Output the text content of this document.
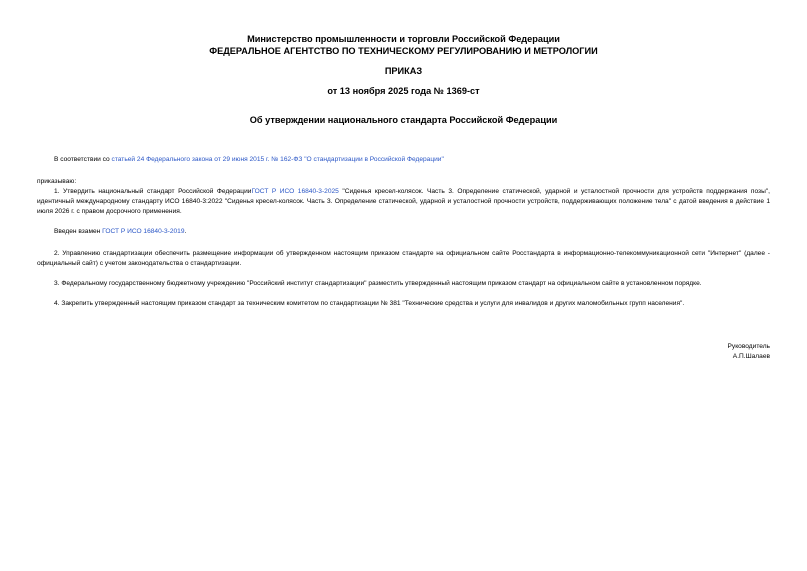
Министерство промышленности и торговли Российской Федерации
ФЕДЕРАЛЬНОЕ АГЕНТСТВО ПО ТЕХНИЧЕСКОМУ РЕГУЛИРОВАНИЮ И МЕТРОЛОГИИ
ПРИКАЗ
от 13 ноября 2025 года № 1369-ст
Об утверждении национального стандарта Российской Федерации
В соответствии со статьей 24 Федерального закона от 29 июня 2015 г. № 162-ФЗ "О стандартизации в Российской Федерации"
приказываю:
1. Утвердить национальный стандарт Российской ФедерацииГОСТ Р ИСО 16840-3-2025 "Сиденья кресел-колясок. Часть 3. Определение статической, ударной и усталостной прочности для устройств поддержания позы", идентичный международному стандарту ИСО 16840-3:2022 "Сиденья кресел-колясок. Часть 3. Определение статической, ударной и усталостной прочности устройств, поддерживающих положение тела" с датой введения в действие 1 июля 2026 г. с правом досрочного применения.
Введен взамен ГОСТ Р ИСО 16840-3-2019.
2. Управлению стандартизации обеспечить размещение информации об утвержденном настоящим приказом стандарте на официальном сайте Росстандарта в информационно-телекоммуникационной сети "Интернет" (далее - официальный сайт) с учетом законодательства о стандартизации.
3. Федеральному государственному бюджетному учреждению "Российский институт стандартизации" разместить утвержденный настоящим приказом стандарт на официальном сайте в установленном порядке.
4. Закрепить утвержденный настоящим приказом стандарт за техническим комитетом по стандартизации № 381 "Технические средства и услуги для инвалидов и других маломобильных групп населения".
Руководитель
А.П.Шалаев
